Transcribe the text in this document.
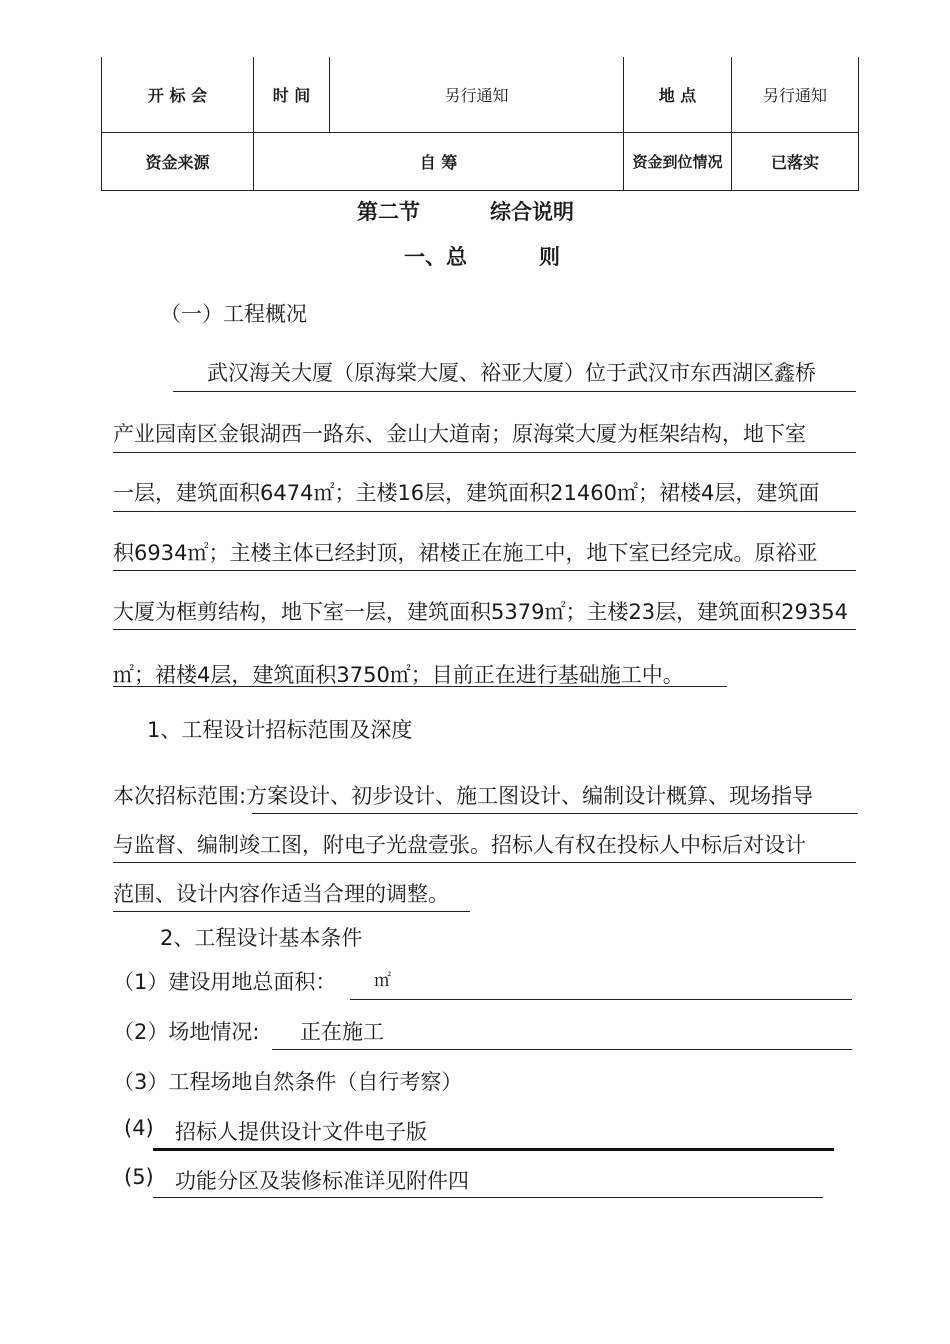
开 标 会	时 间	另行通知	地 点	另行通知
资金来源	自 筹		资金到位情况	已落实
第二节	综合说明
一、总	则
（一）工程概况
武汉海关大厦（原海棠大厦、裕亚大厦）位于武汉市东西湖区鑫桥
产业园南区金银湖西一路东、金山大道南；原海棠大厦为框架结构，地下室
一层，建筑面积6474㎡；主楼16层，建筑面积21460㎡；裙楼4层，建筑面
积6934㎡；主楼主体已经封顶，裙楼正在施工中，地下室已经完成。原裕亚
大厦为框剪结构，地下室一层，建筑面积5379㎡；主楼23层，建筑面积29354
㎡；裙楼4层，建筑面积3750㎡；目前正在进行基础施工中。
1、工程设计招标范围及深度
本次招标范围:方案设计、初步设计、施工图设计、编制设计概算、现场指导
与监督、编制竣工图，附电子光盘壹张。招标人有权在投标人中标后对设计
范围、设计内容作适当合理的调整。
2、工程设计基本条件
（1）建设用地总面积： ㎡
（2）场地情况: 正在施工
（3）工程场地自然条件（自行考察）
(4) 招标人提供设计文件电子版
(5) 功能分区及装修标准详见附件四
